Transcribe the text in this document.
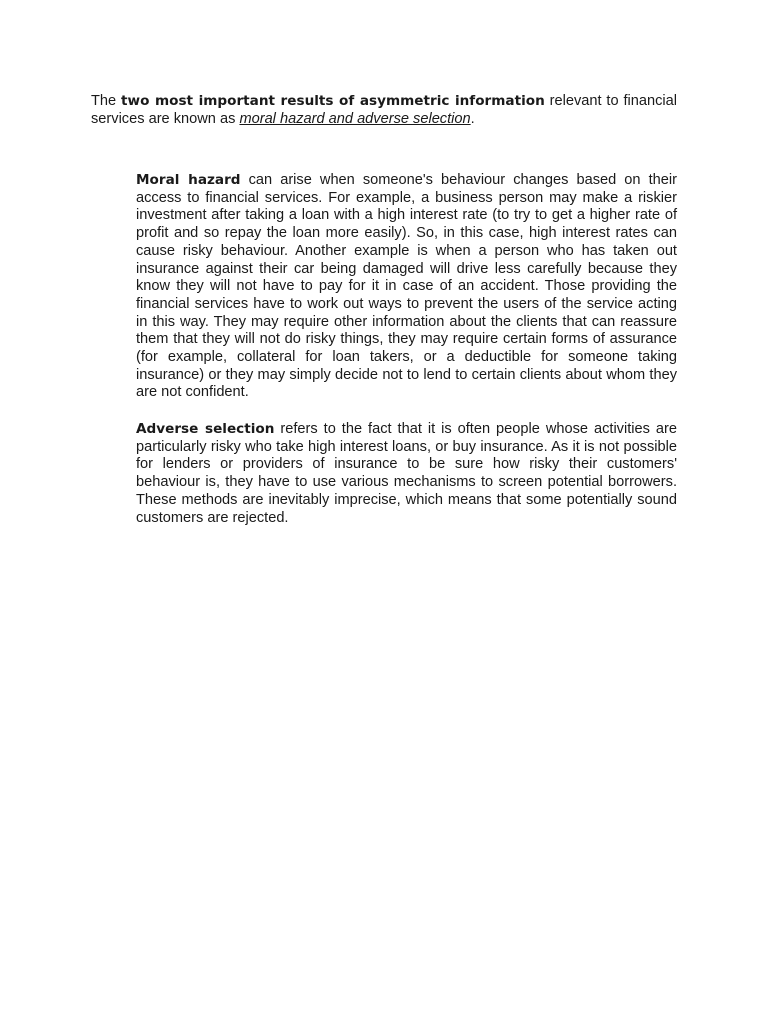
The two most important results of asymmetric information relevant to financial services are known as moral hazard and adverse selection.

Moral hazard can arise when someone's behaviour changes based on their access to financial services. For example, a business person may make a riskier investment after taking a loan with a high interest rate (to try to get a higher rate of profit and so repay the loan more easily). So, in this case, high interest rates can cause risky behaviour. Another example is when a person who has taken out insurance against their car being damaged will drive less carefully because they know they will not have to pay for it in case of an accident. Those providing the financial services have to work out ways to prevent the users of the service acting in this way. They may require other information about the clients that can reassure them that they will not do risky things, they may require certain forms of assurance (for example, collateral for loan takers, or a deductible for someone taking insurance) or they may simply decide not to lend to certain clients about whom they are not confident.

Adverse selection refers to the fact that it is often people whose activities are particularly risky who take high interest loans, or buy insurance. As it is not possible for lenders or providers of insurance to be sure how risky their customers' behaviour is, they have to use various mechanisms to screen potential borrowers. These methods are inevitably imprecise, which means that some potentially sound customers are rejected.
